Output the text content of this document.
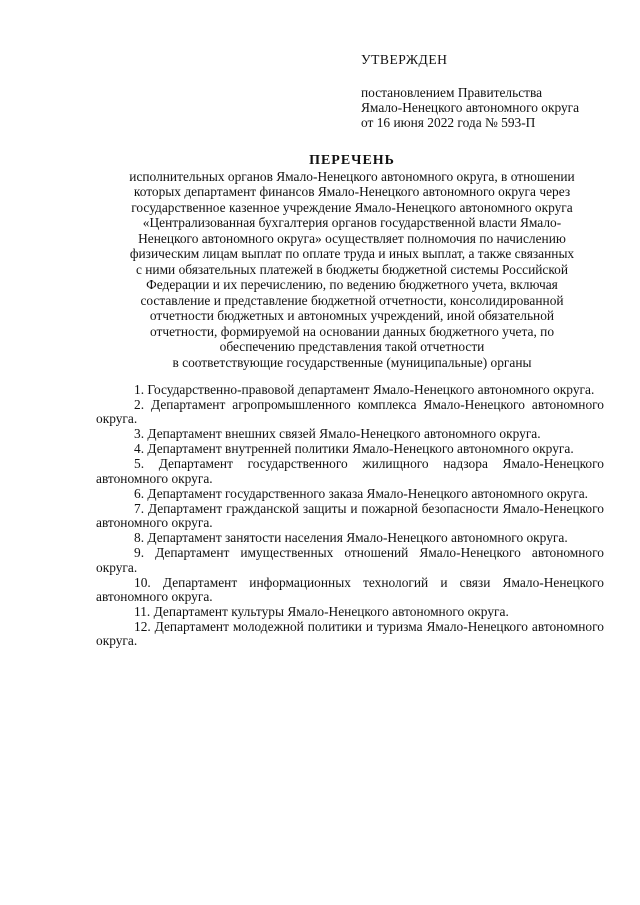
УТВЕРЖДЕН
постановлением Правительства
Ямало-Ненецкого автономного округа
от 16 июня 2022 года № 593-П
ПЕРЕЧЕНЬ
исполнительных органов Ямало-Ненецкого автономного округа, в отношении
которых департамент финансов Ямало-Ненецкого автономного округа через
государственное казенное учреждение Ямало-Ненецкого автономного округа
«Централизованная бухгалтерия органов государственной власти Ямало-
Ненецкого автономного округа» осуществляет полномочия по начислению
физическим лицам выплат по оплате труда и иных выплат, а также связанных
с ними обязательных платежей в бюджеты бюджетной системы Российской
Федерации и их перечислению, по ведению бюджетного учета, включая
составление и представление бюджетной отчетности, консолидированной
отчетности бюджетных и автономных учреждений, иной обязательной
отчетности, формируемой на основании данных бюджетного учета, по
обеспечению представления такой отчетности
в соответствующие государственные (муниципальные) органы
1. Государственно-правовой департамент Ямало-Ненецкого автономного округа.
2. Департамент агропромышленного комплекса Ямало-Ненецкого автономного округа.
3. Департамент внешних связей Ямало-Ненецкого автономного округа.
4. Департамент внутренней политики Ямало-Ненецкого автономного округа.
5. Департамент государственного жилищного надзора Ямало-Ненецкого автономного округа.
6. Департамент государственного заказа Ямало-Ненецкого автономного округа.
7. Департамент гражданской защиты и пожарной безопасности Ямало-Ненецкого автономного округа.
8. Департамент занятости населения Ямало-Ненецкого автономного округа.
9. Департамент имущественных отношений Ямало-Ненецкого автономного округа.
10. Департамент информационных технологий и связи Ямало-Ненецкого автономного округа.
11. Департамент культуры Ямало-Ненецкого автономного округа.
12. Департамент молодежной политики и туризма Ямало-Ненецкого автономного округа.
